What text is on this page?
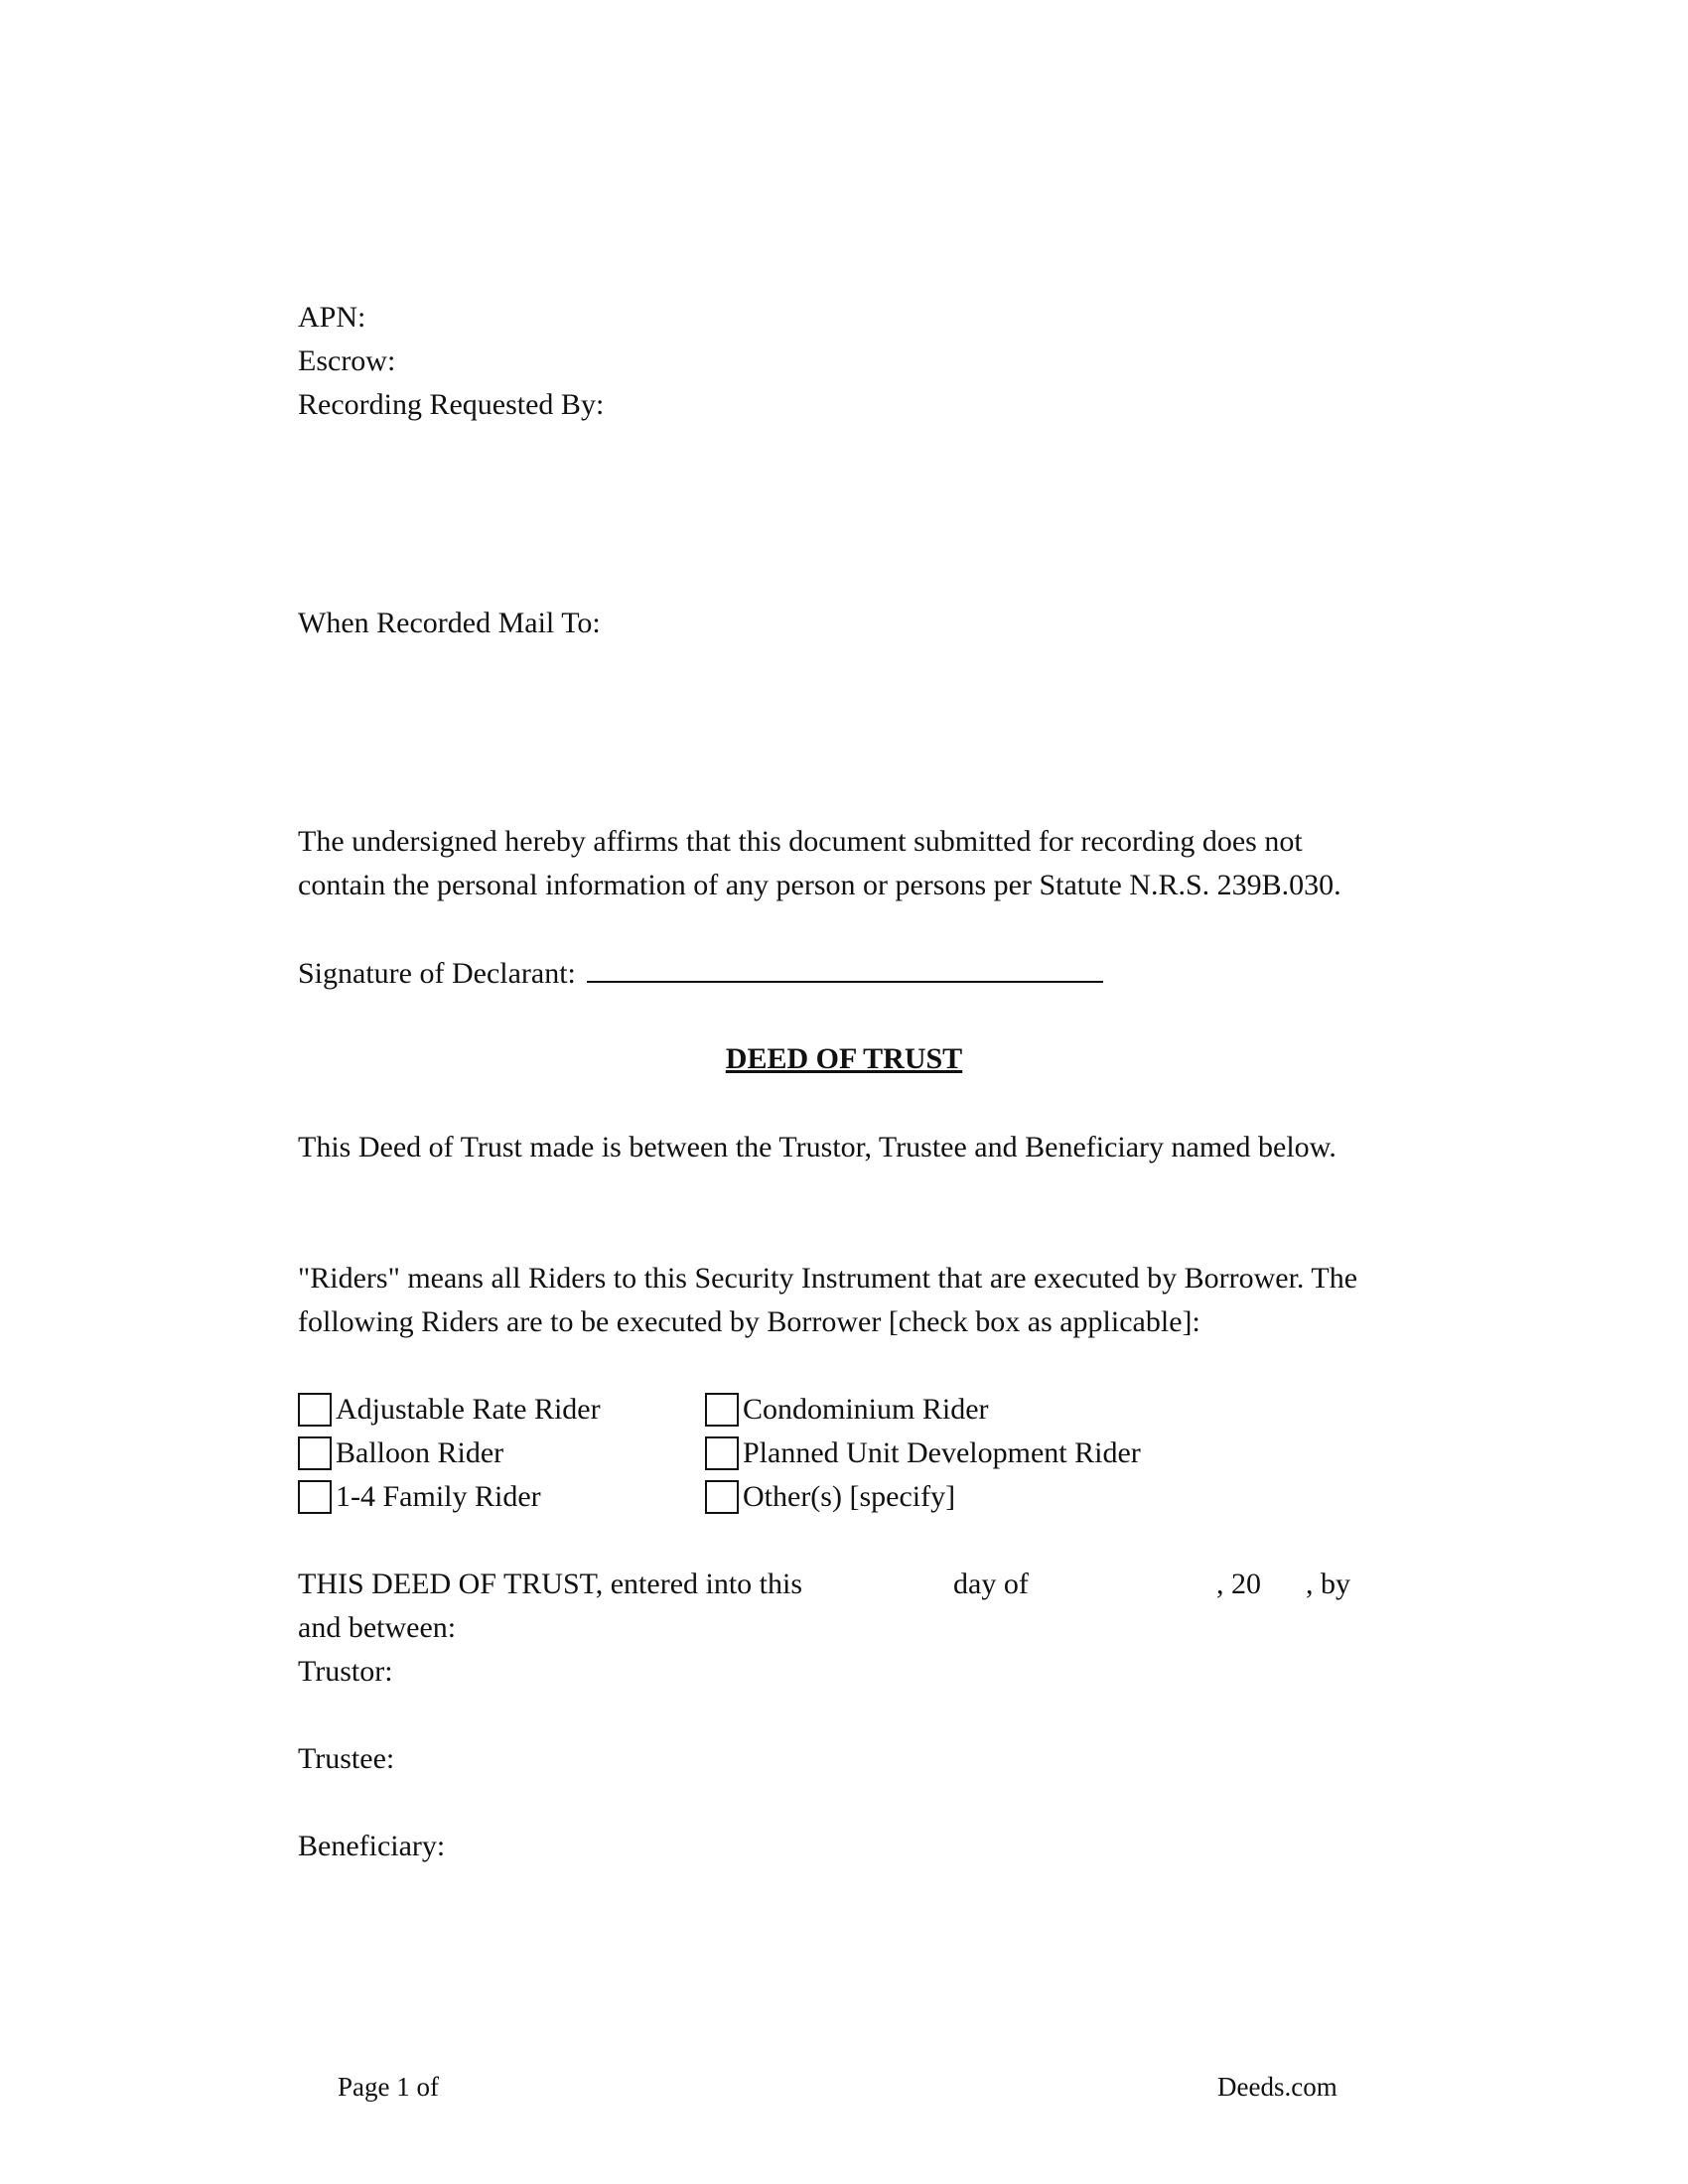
APN:
Escrow:
Recording Requested By:
When Recorded Mail To:
The undersigned hereby affirms that this document submitted for recording does not contain the personal information of any person or persons per Statute N.R.S. 239B.030.
Signature of Declarant:
DEED OF TRUST
This Deed of Trust made is between the Trustor, Trustee and Beneficiary named below.
"Riders" means all Riders to this Security Instrument that are executed by Borrower. The following Riders are to be executed by Borrower [check box as applicable]:
Adjustable Rate Rider
Balloon Rider
1-4 Family Rider
Condominium Rider
Planned Unit Development Rider
Other(s) [specify]
THIS DEED OF TRUST, entered into this	day of	, 20 , by
and between:
Trustor:
Trustee:
Beneficiary:
Page 1 of	Deeds.com
